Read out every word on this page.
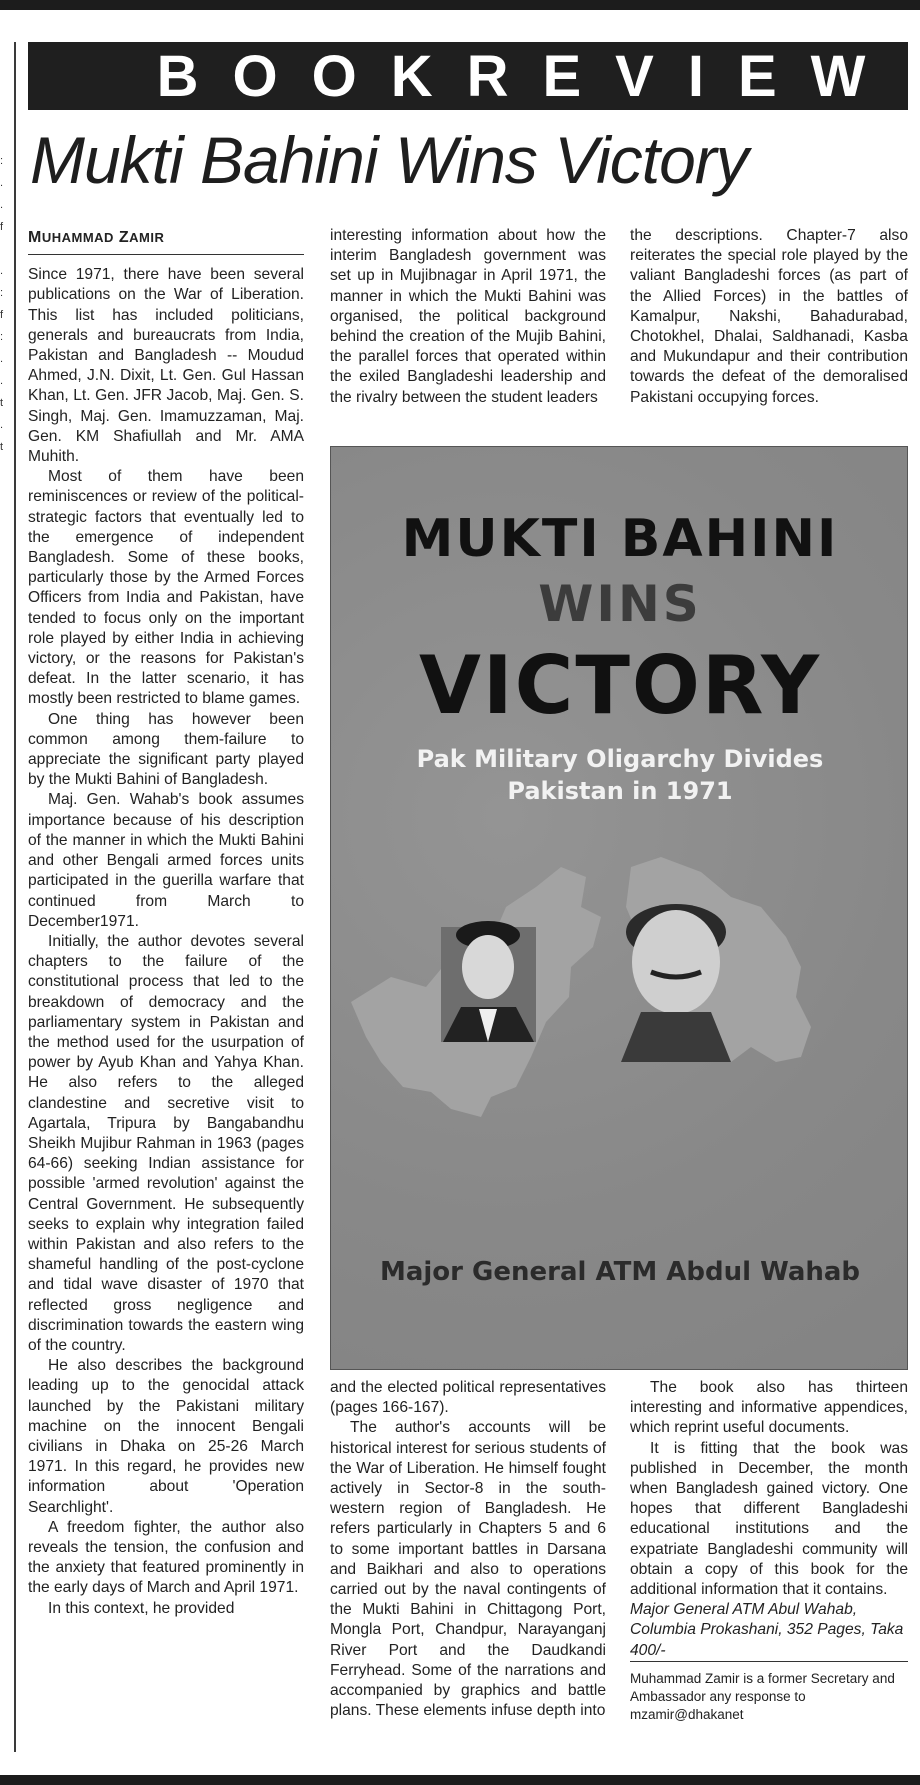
:
.
.
f
.
:
f
:
.
.
t
.
t
BOOKREVIEW
Mukti Bahini Wins Victory
MUHAMMAD ZAMIR

Since 1971, there have been several publications on the War of Liberation. This list has included politicians, generals and bureaucrats from India, Pakistan and Bangladesh -- Moudud Ahmed, J.N. Dixit, Lt. Gen. Gul Hassan Khan, Lt. Gen. JFR Jacob, Maj. Gen. S. Singh, Maj. Gen. Imamuzzaman, Maj. Gen. KM Shafiullah and Mr. AMA Muhith.

Most of them have been reminiscences or review of the political-strategic factors that eventually led to the emergence of independent Bangladesh. Some of these books, particularly those by the Armed Forces Officers from India and Pakistan, have tended to focus only on the important role played by either India in achieving victory, or the reasons for Pakistan's defeat. In the latter scenario, it has mostly been restricted to blame games.

One thing has however been common among them-failure to appreciate the significant party played by the Mukti Bahini of Bangladesh.

Maj. Gen. Wahab's book assumes importance because of his description of the manner in which the Mukti Bahini and other Bengali armed forces units participated in the guerilla warfare that continued from March to December1971.

Initially, the author devotes several chapters to the failure of the constitutional process that led to the breakdown of democracy and the parliamentary system in Pakistan and the method used for the usurpation of power by Ayub Khan and Yahya Khan. He also refers to the alleged clandestine and secretive visit to Agartala, Tripura by Bangabandhu Sheikh Mujibur Rahman in 1963 (pages 64-66) seeking Indian assistance for possible 'armed revolution' against the Central Government. He subsequently seeks to explain why integration failed within Pakistan and also refers to the shameful handling of the post-cyclone and tidal wave disaster of 1970 that reflected gross negligence and discrimination towards the eastern wing of the country.

He also describes the background leading up to the genocidal attack launched by the Pakistani military machine on the innocent Bengali civilians in Dhaka on 25-26 March 1971. In this regard, he provides new information about 'Operation Searchlight'.

A freedom fighter, the author also reveals the tension, the confusion and the anxiety that featured prominently in the early days of March and April 1971.

In this context, he provided

interesting information about how the interim Bangladesh government was set up in Mujibnagar in April 1971, the manner in which the Mukti Bahini was organised, the political background behind the creation of the Mujib Bahini, the parallel forces that operated within the exiled Bangladeshi leadership and the rivalry between the student leaders

the descriptions. Chapter-7 also reiterates the special role played by the valiant Bangladeshi forces (as part of the Allied Forces) in the battles of Kamalpur, Nakshi, Bahadurabad, Chotokhel, Dhalai, Saldhanadi, Kasba and Mukundapur and their contribution towards the defeat of the demoralised Pakistani occupying forces.

MUKTI BAHINI
WINS
VICTORY
Pak Military Oligarchy Divides
Pakistan in 1971
Major General ATM Abdul Wahab

and the elected political representatives (pages 166-167).

The author's accounts will be historical interest for serious students of the War of Liberation. He himself fought actively in Sector-8 in the south-western region of Bangladesh. He refers particularly in Chapters 5 and 6 to some important battles in Darsana and Baikhari and also to operations carried out by the naval contingents of the Mukti Bahini in Chittagong Port, Mongla Port, Chandpur, Narayanganj River Port and the Daudkandi Ferryhead. Some of the narrations and accompanied by graphics and battle plans. These elements infuse depth into

The book also has thirteen interesting and informative appendices, which reprint useful documents.

It is fitting that the book was published in December, the month when Bangladesh gained victory. One hopes that different Bangladeshi educational institutions and the expatriate Bangladeshi community will obtain a copy of this book for the additional information that it contains.

Major General ATM Abul Wahab, Columbia Prokashani, 352 Pages, Taka 400/-

Muhammad Zamir is a former Secretary and Ambassador any response to mzamir@dhakanet
